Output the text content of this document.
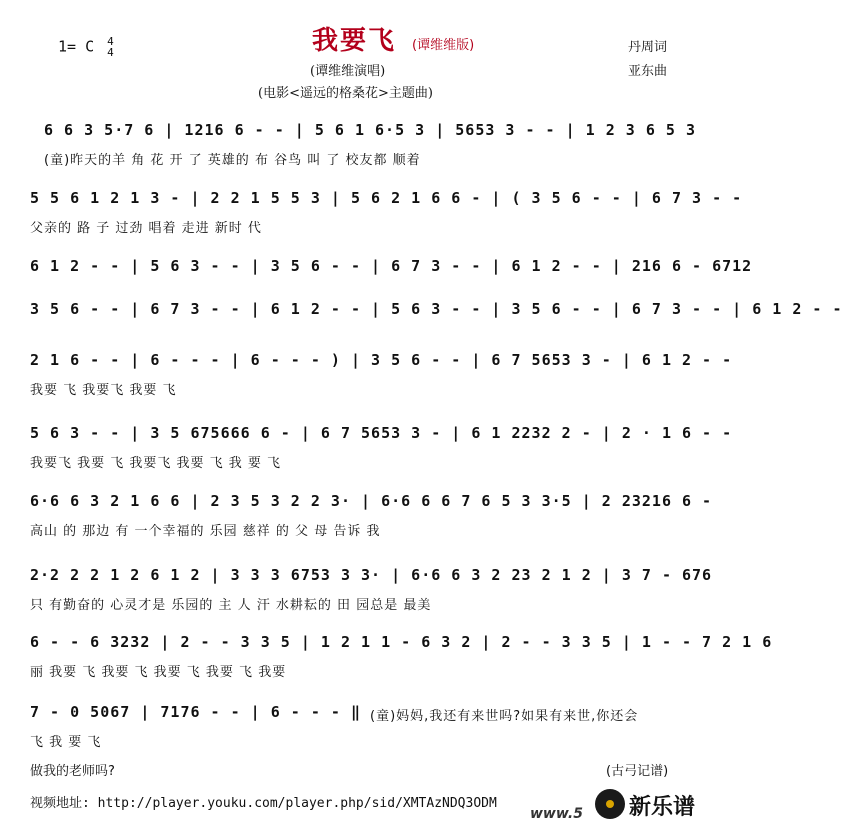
1= C 4
4	我要飞 (谭维维版)	丹周词
亚东曲
(谭维维演唱)
(电影<遥远的格桑花>主题曲)
6 6 3 5·7 6 | 1216 6 - - | 5 6 1 6·5 3 | 5653 3 - - | 1 2 3 6 5 3
(童)昨天的羊 角 花 开 了 英雄的 布 谷鸟 叫 了 校友都 顺着
5 5 6 1 2 1 3 - | 2 2 1 5 5 3 | 5 6 2 1 6 6 - | ( 3 5 6 - - | 6 7 3 - -
父亲的 路 子 过劲 唱着 走进 新时 代
6 1 2 - - | 5 6 3 - - | 3 5 6 - - | 6 7 3 - - | 6 1 2 - - | 216 6 - 6712
3 5 6 - - | 6 7 3 - - | 6 1 2 - - | 5 6 3 - - | 3 5 6 - - | 6 7 3 - - | 6 1 2 - -
2 1 6 - - | 6 - - - | 6 - - - ) | 3 5 6 - - | 6 7 5653 3 - | 6 1 2 - -
我要 飞 我要飞 我要 飞
5 6 3 - - | 3 5 675666 6 - | 6 7 5653 3 - | 6 1 2232 2 - | 2 · 1 6 - -
我要飞 我要 飞 我要飞 我要 飞 我 要 飞
6·6 6 3 2 1 6 6 | 2 3 5 3 2 2 3· | 6·6 6 6 7 6 5 3 3·5 | 2 23216 6 -
高山 的 那边 有 一个幸福的 乐园 慈祥 的 父 母 告诉 我
2·2 2 2 1 2 6 1 2 | 3 3 3 6753 3 3· | 6·6 6 3 2 23 2 1 2 | 3 7 - 676
只 有勤奋的 心灵才是 乐园的 主 人 汗 水耕耘的 田 园总是 最美
6 - - 6 3232 | 2 - - 3 3 5 | 1 2 1 1 - 6 3 2 | 2 - - 3 3 5 | 1 - - 7 2 1 6
丽 我要 飞 我要 飞 我要 飞 我要 飞 我要
7 - 0 5067 | 7176 - - | 6 - - - ‖
飞 我 要 飞
(童)妈妈,我还有来世吗?如果有来世,你还会
做我的老师吗?	(古弓记谱)
视频地址: http://player.youku.com/player.php/sid/XMTAzNDQ3ODM
www.5 新乐谱
